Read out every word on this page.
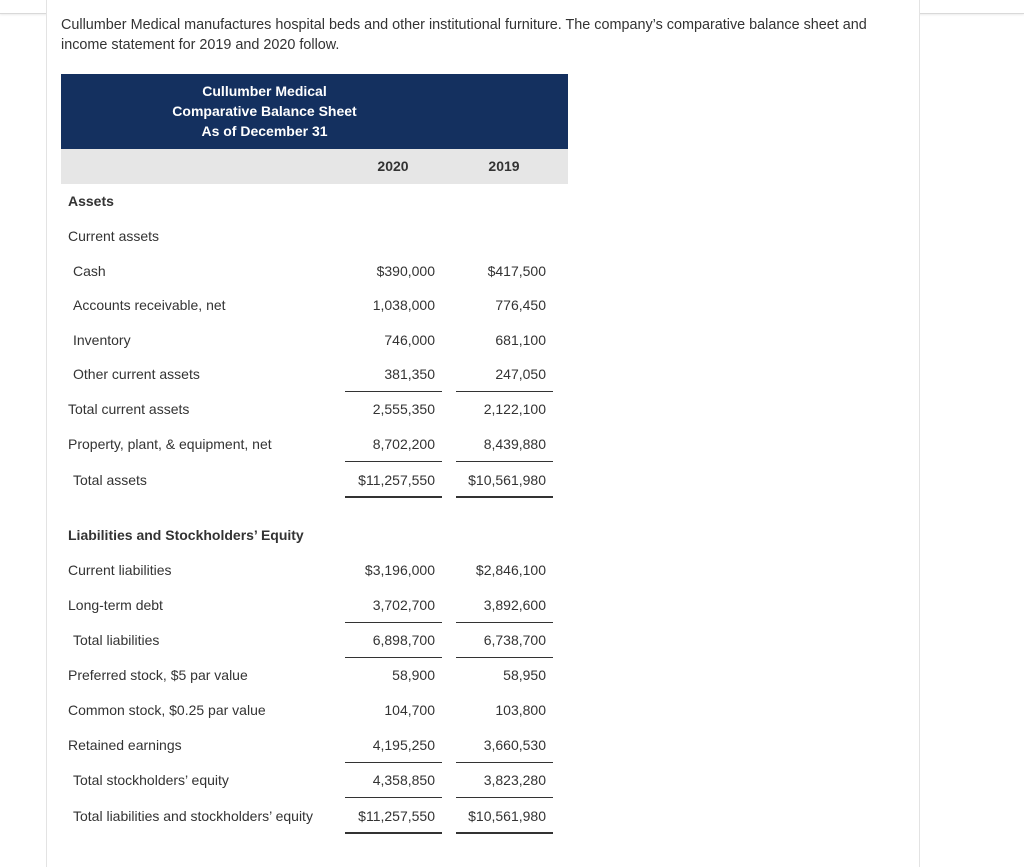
Cullumber Medical manufactures hospital beds and other institutional furniture. The company’s comparative balance sheet and income statement for 2019 and 2020 follow.

Cullumber Medical
Comparative Balance Sheet
As of December 31
2020	2019
Assets
Current assets
Cash	$390,000	$417,500
Accounts receivable, net	1,038,000	776,450
Inventory	746,000	681,100
Other current assets	381,350	247,050
Total current assets	2,555,350	2,122,100
Property, plant, & equipment, net	8,702,200	8,439,880
Total assets	$11,257,550 $10,561,980
Liabilities and Stockholders’ Equity
Current liabilities	$3,196,000	$2,846,100
Long-term debt	3,702,700	3,892,600
Total liabilities	6,898,700	6,738,700
Preferred stock, $5 par value	58,900	58,950
Common stock, $0.25 par value	104,700	103,800
Retained earnings	4,195,250	3,660,530
Total stockholders’ equity	4,358,850	3,823,280
Total liabilities and stockholders’ equity	$11,257,550 $10,561,980
